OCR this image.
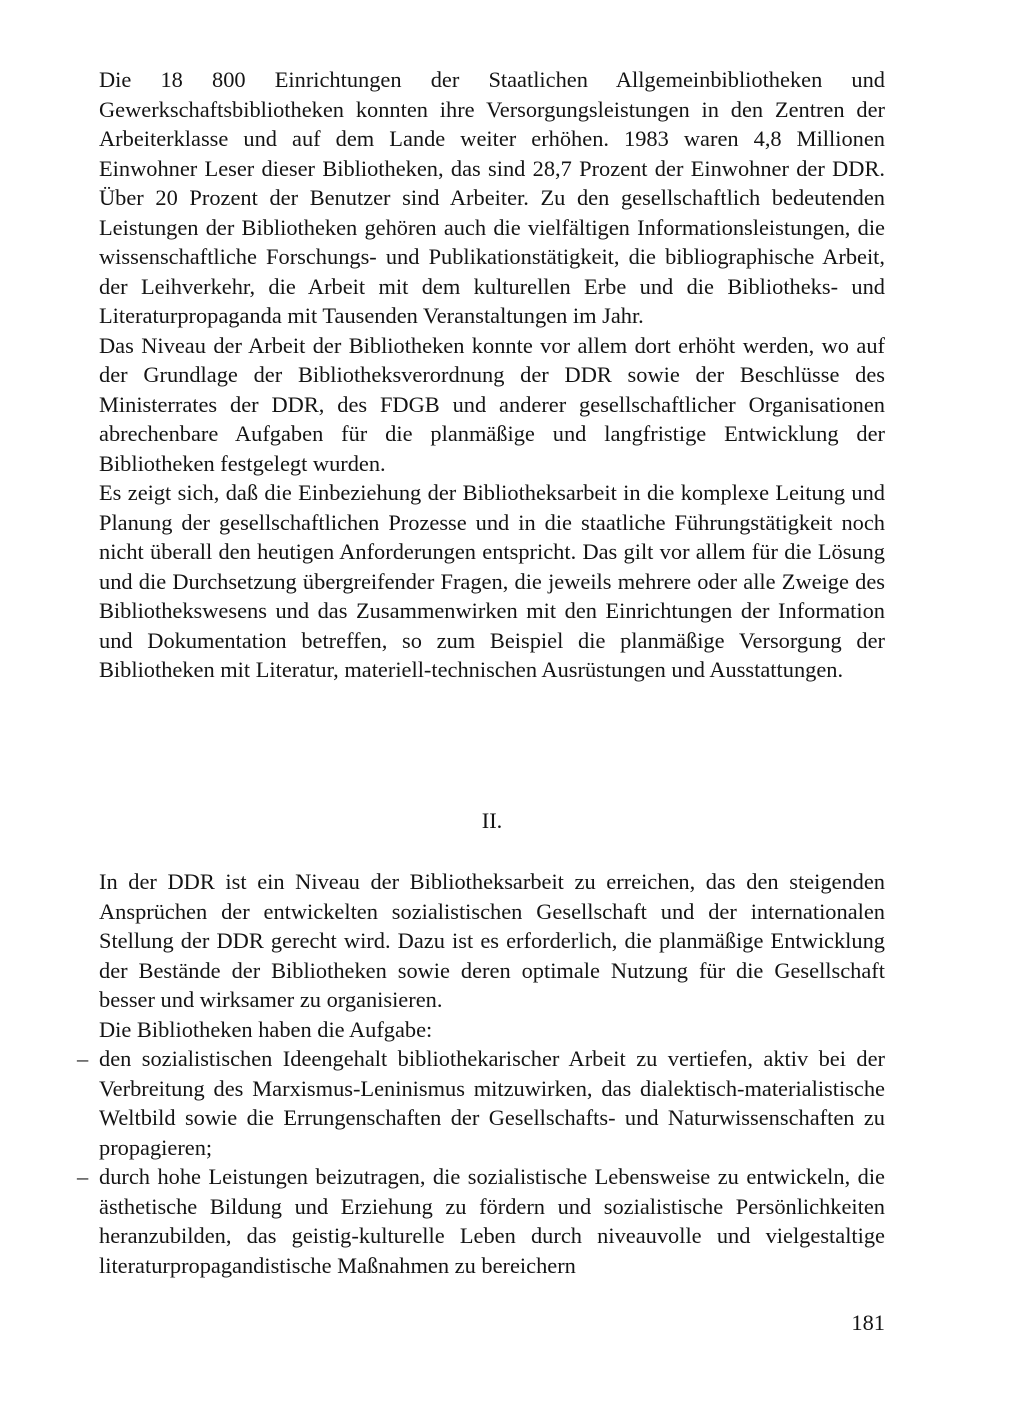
Die 18 800 Einrichtungen der Staatlichen Allgemeinbibliotheken und Gewerkschaftsbibliotheken konnten ihre Versorgungsleistungen in den Zentren der Arbeiterklasse und auf dem Lande weiter erhöhen. 1983 waren 4,8 Millionen Einwohner Leser dieser Bibliotheken, das sind 28,7 Prozent der Einwohner der DDR. Über 20 Prozent der Benutzer sind Arbeiter. Zu den gesellschaftlich bedeutenden Leistungen der Bibliotheken gehören auch die vielfältigen Informationsleistungen, die wissenschaftliche Forschungs- und Publikationstätigkeit, die bibliographische Arbeit, der Leihverkehr, die Arbeit mit dem kulturellen Erbe und die Bibliotheks- und Literaturpropaganda mit Tausenden Veranstaltungen im Jahr.

Das Niveau der Arbeit der Bibliotheken konnte vor allem dort erhöht werden, wo auf der Grundlage der Bibliotheksverordnung der DDR sowie der Beschlüsse des Ministerrates der DDR, des FDGB und anderer gesellschaftlicher Organisationen abrechenbare Aufgaben für die planmäßige und langfristige Entwicklung der Bibliotheken festgelegt wurden.

Es zeigt sich, daß die Einbeziehung der Bibliotheksarbeit in die komplexe Leitung und Planung der gesellschaftlichen Prozesse und in die staatliche Führungstätigkeit noch nicht überall den heutigen Anforderungen entspricht. Das gilt vor allem für die Lösung und die Durchsetzung übergreifender Fragen, die jeweils mehrere oder alle Zweige des Bibliothekswesens und das Zusammenwirken mit den Einrichtungen der Information und Dokumentation betreffen, so zum Beispiel die planmäßige Versorgung der Bibliotheken mit Literatur, materiell-technischen Ausrüstungen und Ausstattungen.

II.

In der DDR ist ein Niveau der Bibliotheksarbeit zu erreichen, das den steigenden Ansprüchen der entwickelten sozialistischen Gesellschaft und der internationalen Stellung der DDR gerecht wird. Dazu ist es erforderlich, die planmäßige Entwicklung der Bestände der Bibliotheken sowie deren optimale Nutzung für die Gesellschaft besser und wirksamer zu organisieren.

Die Bibliotheken haben die Aufgabe:

– den sozialistischen Ideengehalt bibliothekarischer Arbeit zu vertiefen, aktiv bei der Verbreitung des Marxismus-Leninismus mitzuwirken, das dialektisch-materialistische Weltbild sowie die Errungenschaften der Gesellschafts- und Naturwissenschaften zu propagieren;
– durch hohe Leistungen beizutragen, die sozialistische Lebensweise zu entwickeln, die ästhetische Bildung und Erziehung zu fördern und sozialistische Persönlichkeiten heranzubilden, das geistig-kulturelle Leben durch niveauvolle und vielgestaltige literaturpropagandistische Maßnahmen zu bereichern
181
